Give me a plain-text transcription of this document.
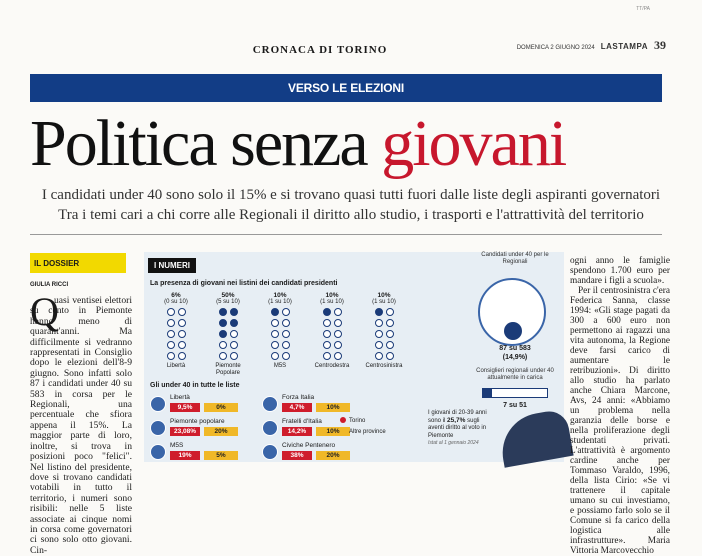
TT/PA
CRONACA DI TORINO	DOMENICA 2 GIUGNO 2024 LASTAMPA 39
VERSO LE ELEZIONI
Politica senza giovani
I candidati under 40 sono solo il 15% e si trovano quasi tutti fuori dalle liste degli aspiranti governatori
Tra i temi cari a chi corre alle Regionali il diritto allo studio, i trasporti e l'attrattività del territorio
IL DOSSIER
GIULIA RICCI
Q

uasi ventisei elettori su cento in Piemonte hanno meno di quarant'anni. Ma difficilmente si vedranno rappresentati in Consiglio dopo le elezioni dell'8-9 giugno. Sono infatti solo 87 i candidati under 40 su 583 in corsa per le Regionali, una percentuale che sfiora appena il 15%. La maggior parte di loro, inoltre, si trova in posizioni poco "felici". Nel listino del presidente, dove si trovano candidati votabili in tutto il territorio, i numeri sono risibili: nelle 5 liste associate ai cinque nomi in corsa come governatori ci sono solo otto giovani. Cin-

I NUMERI
La presenza di giovani nei listini dei candidati presidenti
6%
(0 su 10)
Libertà
50%
(5 su 10)
Piemonte Popolare
10%
(1 su 10)
M5S
10%
(1 su 10)
Centrodestra
10%
(1 su 10)
Centrosinistra
Gli under 40 in tutte le liste
Libertà
9,5%	0%
Forza Italia
4,7%	10%
Piemonte popolare
23,08%	20%
Fratelli d'Italia
14,2%	10%
M5S
19%	5%
Civiche Pentenero
38%	20%
Torino
Altre province
I giovani di 20-39 anni sono il 25,7% sugli aventi diritto al voto in Piemonte
Istat al 1 gennaio 2024
Candidati under 40 per le Regionali
87 su 583
(14,9%)
Consiglieri regionali under 40 attualmente in carica
7 su 51

ogni anno le famiglie spendono 1.700 euro per mandare i figli a scuola».

Per il centrosinistra c'era Federica Sanna, classe 1994: «Gli stage pagati da 300 a 600 euro non permettono ai ragazzi una vita autonoma, la Regione deve farsi carico di aumentare le retribuzioni». Di diritto allo studio ha parlato anche Chiara Marcone, Avs, 24 anni: «Abbiamo un problema nella garanzia delle borse e nella proliferazione degli studentati privati. L'attrattività è argomento cardine anche per Tommaso Varaldo, 1996, della lista Cirio: «Se vi trattenere il capitale umano su cui investiamo, e possiamo farlo solo se il Comune si fa carico della logistica alle infrastrutture». Maria Vittoria Marcovecchio
